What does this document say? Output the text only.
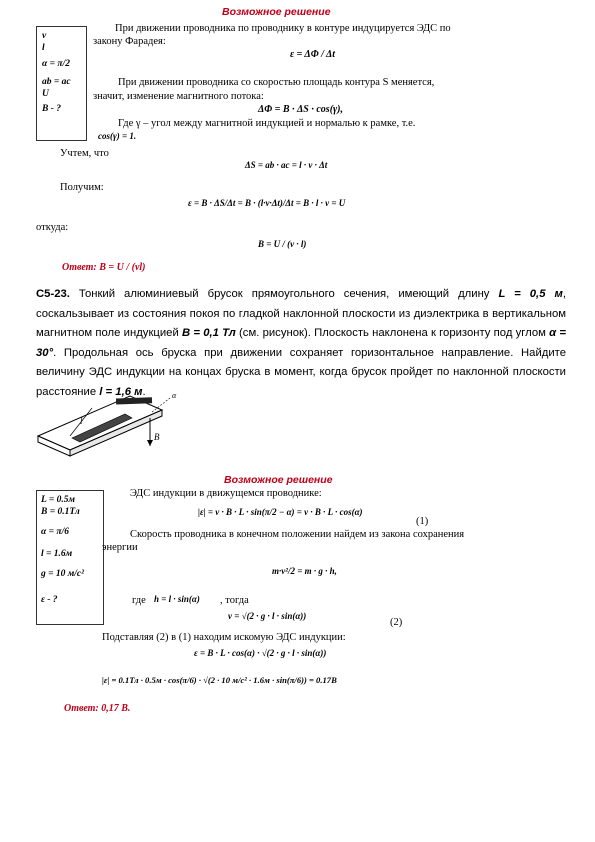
Возможное решение
v
l
α = π/2
ab = ac
U
B - ?
При движении проводника по проводнику в контуре индуцируется ЭДС по
закону Фарадея:
ε = ΔΦ / Δt
При движении проводника со скоростью площадь контура S меняется,
значит, изменение магнитного потока:
ΔΦ = B · ΔS · cos(γ),
Где γ – угол между магнитной индукцией и нормалью к рамке, т.е.
cos(γ) = 1.
Учтем, что
ΔS = ab · ac = l · v · Δt
Получим:
ε = B · ΔS/Δt = B · (l·v·Δt)/Δt = B · l · v = U
откуда:
B = U / (v · l)
Ответ: B = U / (vl)
С5-23. Тонкий алюминиевый брусок прямоугольного сечения, имеющий длину L = 0,5 м, соскальзывает из состояния покоя по гладкой наклонной плоскости из диэлектрика в вертикальном магнитном поле индукцией B = 0,1 Тл (см. рисунок). Плоскость наклонена к горизонту под углом α = 30°. Продольная ось бруска при движении сохраняет горизонтальное направление. Найдите величину ЭДС индукции на концах бруска в момент, когда брусок пройдет по наклонной плоскости расстояние l = 1,6 м.
l
B
α
Возможное решение
L = 0.5м
B = 0.1Тл
α = π/6
l = 1.6м
g = 10 м/с²
ε - ?
ЭДС индукции в движущемся проводнике:
|ε| = v · B · L · sin(π/2 − α) = v · B · L · cos(α)
(1)
Скорость проводника в конечном положении найдем из закона сохранения
энергии
m·v²/2 = m · g · h,
где h = l · sin(α) , тогда
v = √(2 · g · l · sin(α))
(2)
Подставляя (2) в (1) находим искомую ЭДС индукции:
ε = B · L · cos(α) · √(2 · g · l · sin(α))
|ε| = 0.1Тл · 0.5м · cos(π/6) · √(2 · 10 м/с² · 1.6м · sin(π/6)) = 0.17В
Ответ: 0,17 В.
